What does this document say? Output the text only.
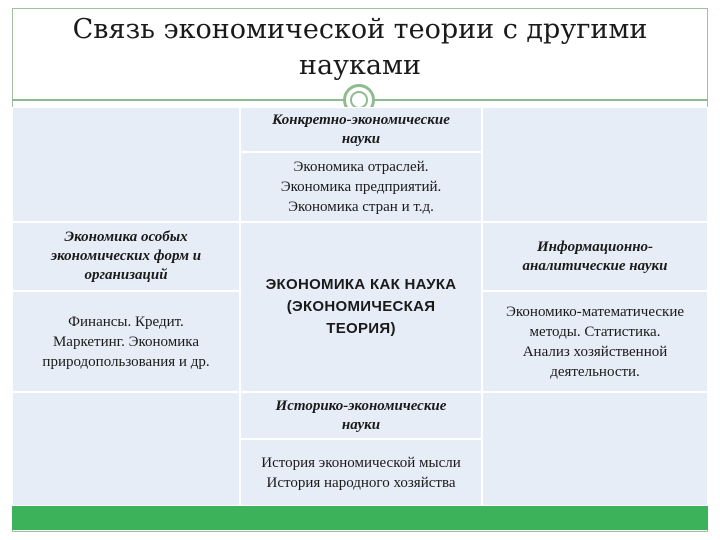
Связь экономической теории с другими
науками
Конкретно-экономические
науки
Экономика отраслей.
Экономика предприятий.
Экономика стран и т.д.
Экономика особых
экономических форм и
организаций
ЭКОНОМИКА КАК НАУКА
(ЭКОНОМИЧЕСКАЯ
ТЕОРИЯ)
Информационно-
аналитические науки
Финансы. Кредит.
Маркетинг. Экономика
природопользования и др.
Экономико-математические
методы. Статистика.
Анализ хозяйственной
деятельности.
Историко-экономические
науки
История экономической мысли
История народного хозяйства
